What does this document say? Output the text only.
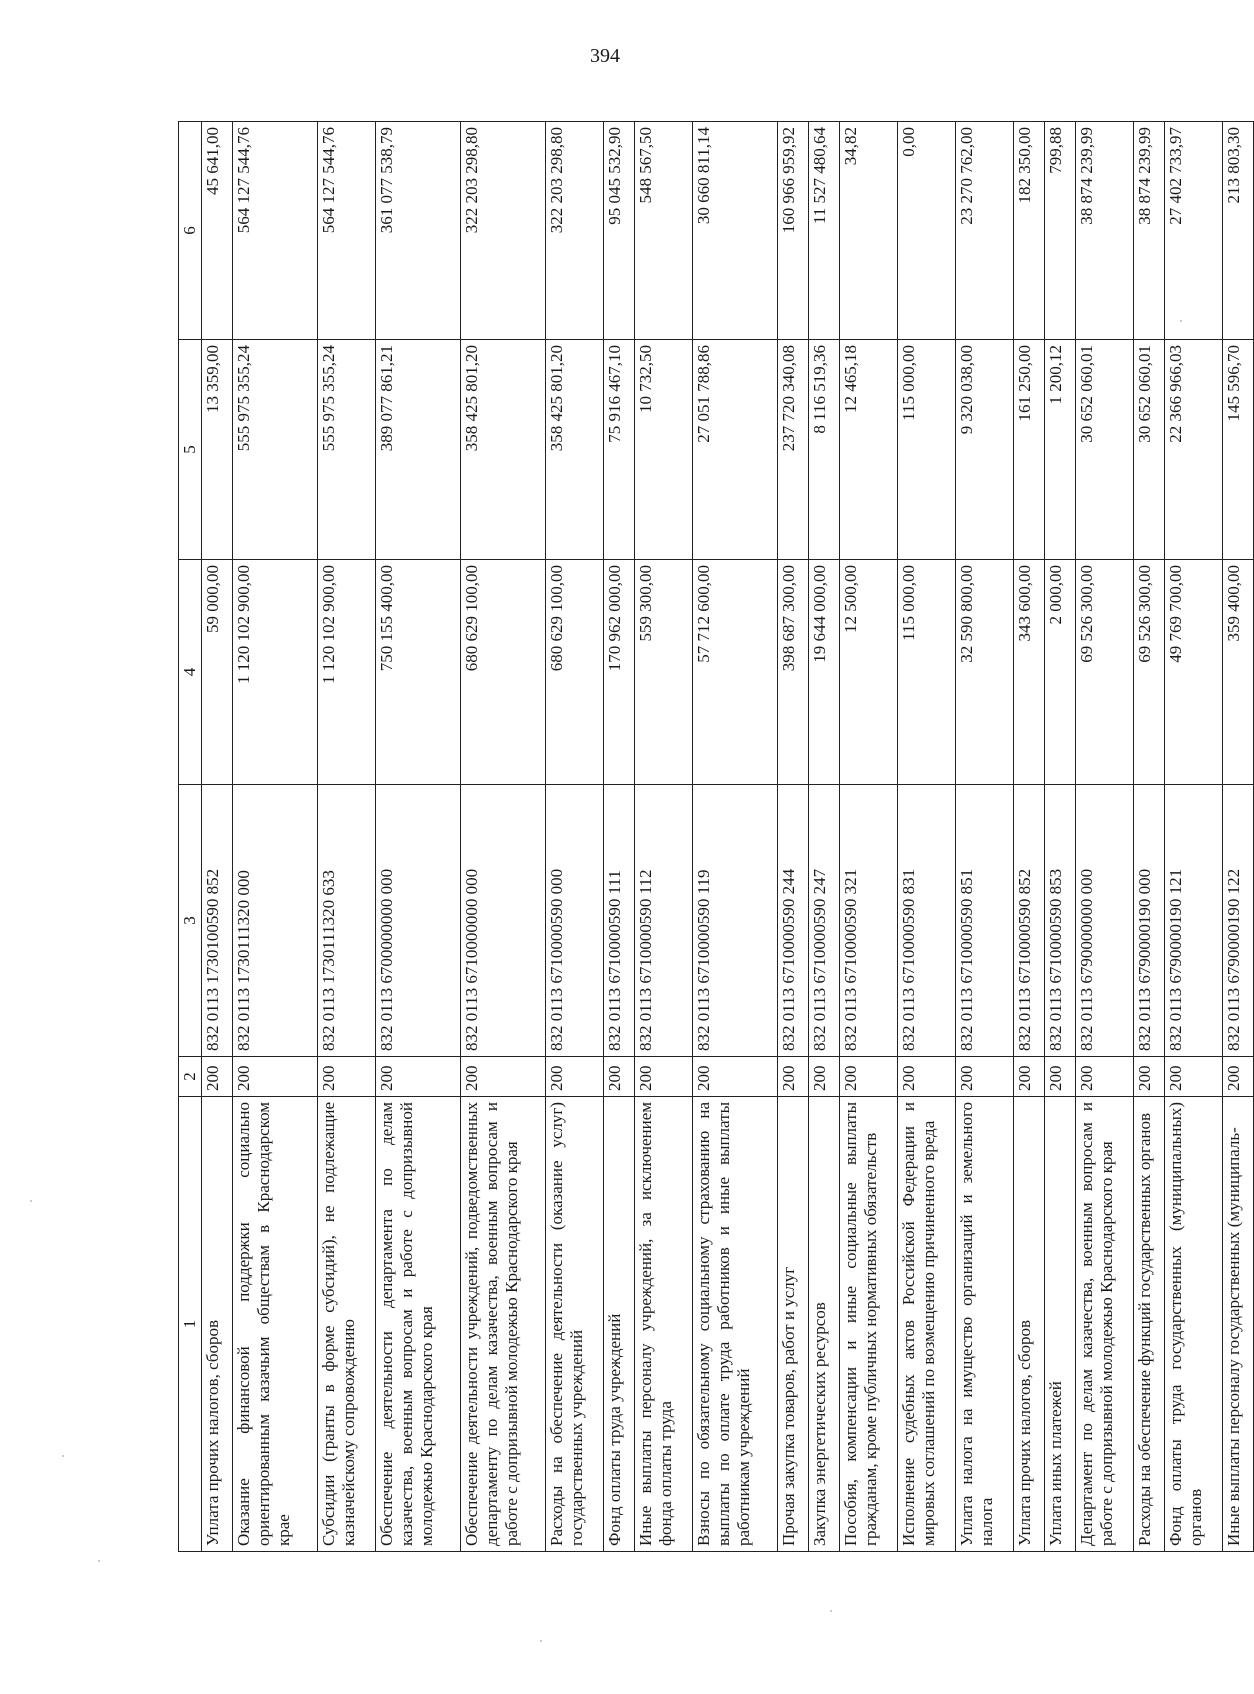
394
1	2	3	4	5	6
Уплата прочих налогов, сборов	200	832 0113 1730100590 852	59 000,00	13 359,00	45 641,00
Оказание финансовой поддержки социально ориентированным казачьим обществам в Краснодарском крае	200	832 0113 1730111320 000	1 120 102 900,00	555 975 355,24	564 127 544,76
Субсидии (гранты в форме субсидий), не подлежащие казначейскому сопровождению	200	832 0113 1730111320 633	1 120 102 900,00	555 975 355,24	564 127 544,76
Обеспечение деятельности департамента по делам казачества, военным вопросам и работе с допризывной молодежью Краснодарского края	200	832 0113 6700000000 000	750 155 400,00	389 077 861,21	361 077 538,79
Обеспечение деятельности учреждений, подведомственных департаменту по делам казачества, военным вопросам и работе с допризывной молодежью Краснодарского края	200	832 0113 6710000000 000	680 629 100,00	358 425 801,20	322 203 298,80
Расходы на обеспечение деятельности (оказание услуг) государственных учреждений	200	832 0113 6710000590 000	680 629 100,00	358 425 801,20	322 203 298,80
Фонд оплаты труда учреждений	200	832 0113 6710000590 111	170 962 000,00	75 916 467,10	95 045 532,90
Иные выплаты персоналу учреждений, за исключением фонда оплаты труда	200	832 0113 6710000590 112	559 300,00	10 732,50	548 567,50
Взносы по обязательному социальному страхованию на выплаты по оплате труда работников и иные выплаты работникам учреждений	200	832 0113 6710000590 119	57 712 600,00	27 051 788,86	30 660 811,14
Прочая закупка товаров, работ и услуг	200	832 0113 6710000590 244	398 687 300,00	237 720 340,08	160 966 959,92
Закупка энергетических ресурсов	200	832 0113 6710000590 247	19 644 000,00	8 116 519,36	11 527 480,64
Пособия, компенсации и иные социальные выплаты гражданам, кроме публичных нормативных обязательств	200	832 0113 6710000590 321	12 500,00	12 465,18	34,82
Исполнение судебных актов Российской Федерации и мировых соглашений по возмещению причиненного вреда	200	832 0113 6710000590 831	115 000,00	115 000,00	0,00
Уплата налога на имущество организаций и земельного налога	200	832 0113 6710000590 851	32 590 800,00	9 320 038,00	23 270 762,00
Уплата прочих налогов, сборов	200	832 0113 6710000590 852	343 600,00	161 250,00	182 350,00
Уплата иных платежей	200	832 0113 6710000590 853	2 000,00	1 200,12	799,88
Департамент по делам казачества, военным вопросам и работе с допризывной молодежью Краснодарского края	200	832 0113 6790000000 000	69 526 300,00	30 652 060,01	38 874 239,99
Расходы на обеспечение функций государственных органов	200	832 0113 6790000190 000	69 526 300,00	30 652 060,01	38 874 239,99
Фонд оплаты труда государственных (муниципальных) органов	200	832 0113 6790000190 121	49 769 700,00	22 366 966,03	27 402 733,97
Иные выплаты персоналу государственных (муниципаль-	200	832 0113 6790000190 122	359 400,00	145 596,70	213 803,30
